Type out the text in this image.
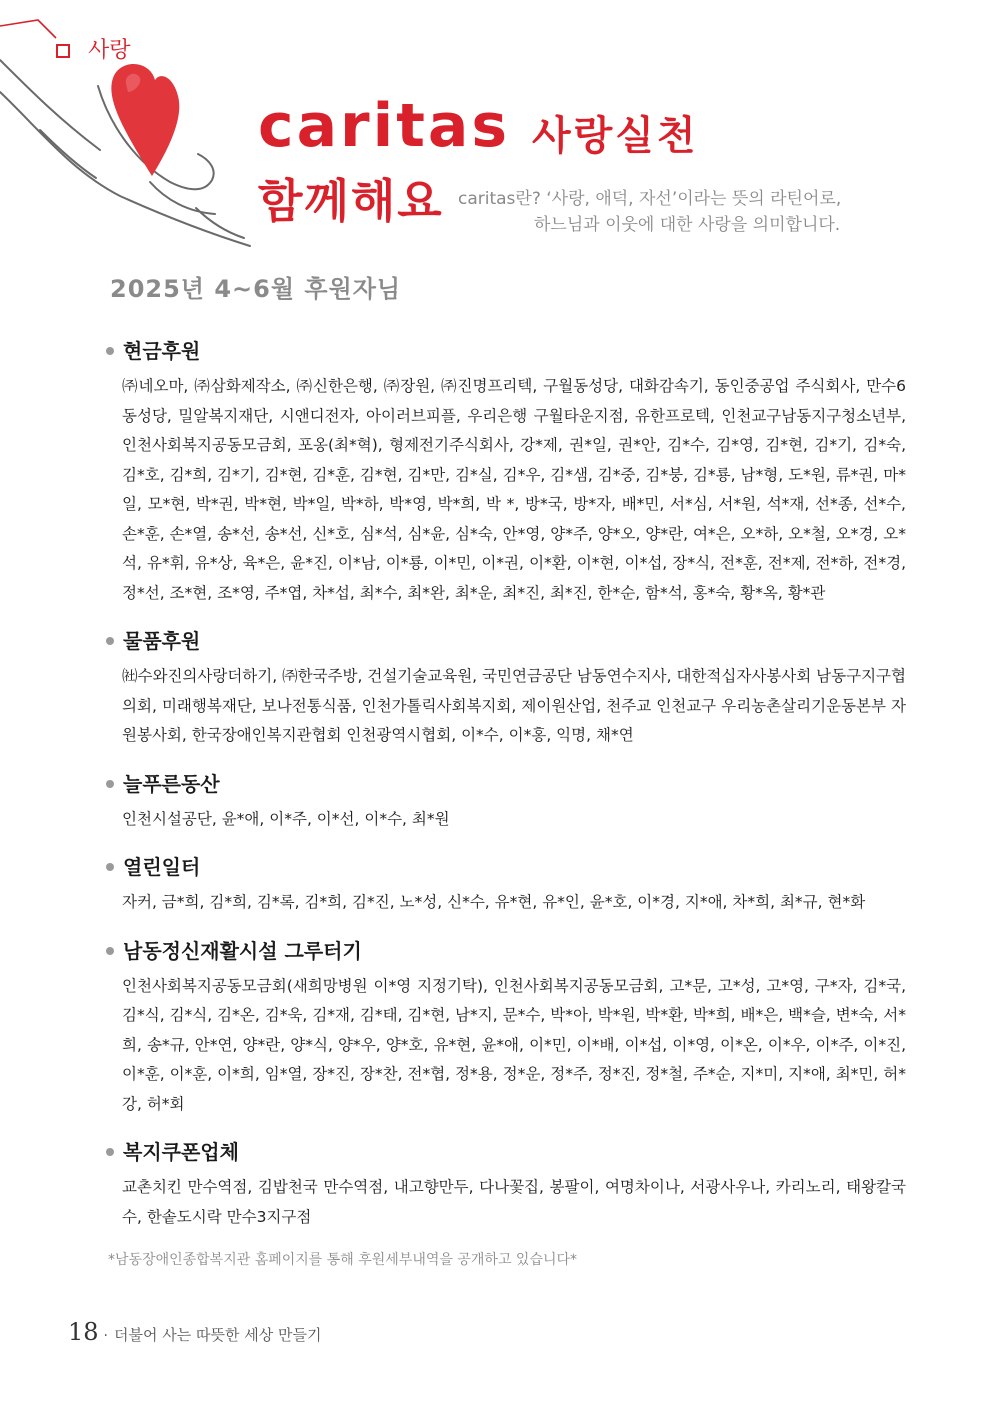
사랑
caritas 사랑실천
함께해요 caritas란? ‘사랑, 애덕, 자선’이라는 뜻의 라틴어로,
하느님과 이웃에 대한 사랑을 의미합니다.
2025년 4~6월 후원자님
현금후원
㈜네오마, ㈜삼화제작소, ㈜신한은행, ㈜장원, ㈜진명프리텍, 구월동성당, 대화감속기, 동인중공업 주식회사, 만수6동성당, 밀알복지재단, 시앤디전자, 아이러브피플, 우리은행 구월타운지점, 유한프로텍, 인천교구남동지구청소년부, 인천사회복지공동모금회, 포옹(최*혁), 형제전기주식회사, 강*제, 권*일, 권*안, 김*수, 김*영, 김*현, 김*기, 김*숙, 김*호, 김*희, 김*기, 김*현, 김*훈, 김*현, 김*만, 김*실, 김*우, 김*샘, 김*중, 김*붕, 김*룡, 남*형, 도*원, 류*권, 마*일, 모*현, 박*권, 박*현, 박*일, 박*하, 박*영, 박*희, 박 *, 방*국, 방*자, 배*민, 서*심, 서*원, 석*재, 선*종, 선*수, 손*훈, 손*열, 송*선, 송*선, 신*호, 심*석, 심*윤, 심*숙, 안*영, 양*주, 양*오, 양*란, 여*은, 오*하, 오*철, 오*경, 오*석, 유*휘, 유*상, 육*은, 윤*진, 이*남, 이*룡, 이*민, 이*권, 이*환, 이*현, 이*섭, 장*식, 전*훈, 전*제, 전*하, 전*경, 정*선, 조*현, 조*영, 주*엽, 차*섭, 최*수, 최*완, 최*운, 최*진, 최*진, 한*순, 함*석, 홍*숙, 황*옥, 황*관
물품후원
㈳수와진의사랑더하기, ㈜한국주방, 건설기술교육원, 국민연금공단 남동연수지사, 대한적십자사봉사회 남동구지구협의회, 미래행복재단, 보나전통식품, 인천가톨릭사회복지회, 제이원산업, 천주교 인천교구 우리농촌살리기운동본부 자원봉사회, 한국장애인복지관협회 인천광역시협회, 이*수, 이*홍, 익명, 채*연
늘푸른동산
인천시설공단, 윤*애, 이*주, 이*선, 이*수, 최*원
열린일터
자커, 금*희, 김*희, 김*록, 김*희, 김*진, 노*성, 신*수, 유*현, 유*인, 윤*호, 이*경, 지*애, 차*희, 최*규, 현*화
남동정신재활시설 그루터기
인천사회복지공동모금회(새희망병원 이*영 지정기탁), 인천사회복지공동모금회, 고*문, 고*성, 고*영, 구*자, 김*국, 김*식, 김*식, 김*온, 김*욱, 김*재, 김*태, 김*현, 남*지, 문*수, 박*아, 박*원, 박*환, 박*희, 배*은, 백*슬, 변*숙, 서*희, 송*규, 안*연, 양*란, 양*식, 양*우, 양*호, 유*현, 윤*애, 이*민, 이*배, 이*섭, 이*영, 이*온, 이*우, 이*주, 이*진, 이*훈, 이*훈, 이*희, 임*열, 장*진, 장*찬, 전*협, 정*용, 정*운, 정*주, 정*진, 정*철, 주*순, 지*미, 지*애, 최*민, 허*강, 허*회
복지쿠폰업체
교촌치킨 만수역점, 김밥천국 만수역점, 내고향만두, 다나꽃집, 봉팔이, 여명차이나, 서광사우나, 카리노리, 태왕칼국수, 한솥도시락 만수3지구점
*남동장애인종합복지관 홈페이지를 통해 후원세부내역을 공개하고 있습니다*
18 · 더불어 사는 따뜻한 세상 만들기
